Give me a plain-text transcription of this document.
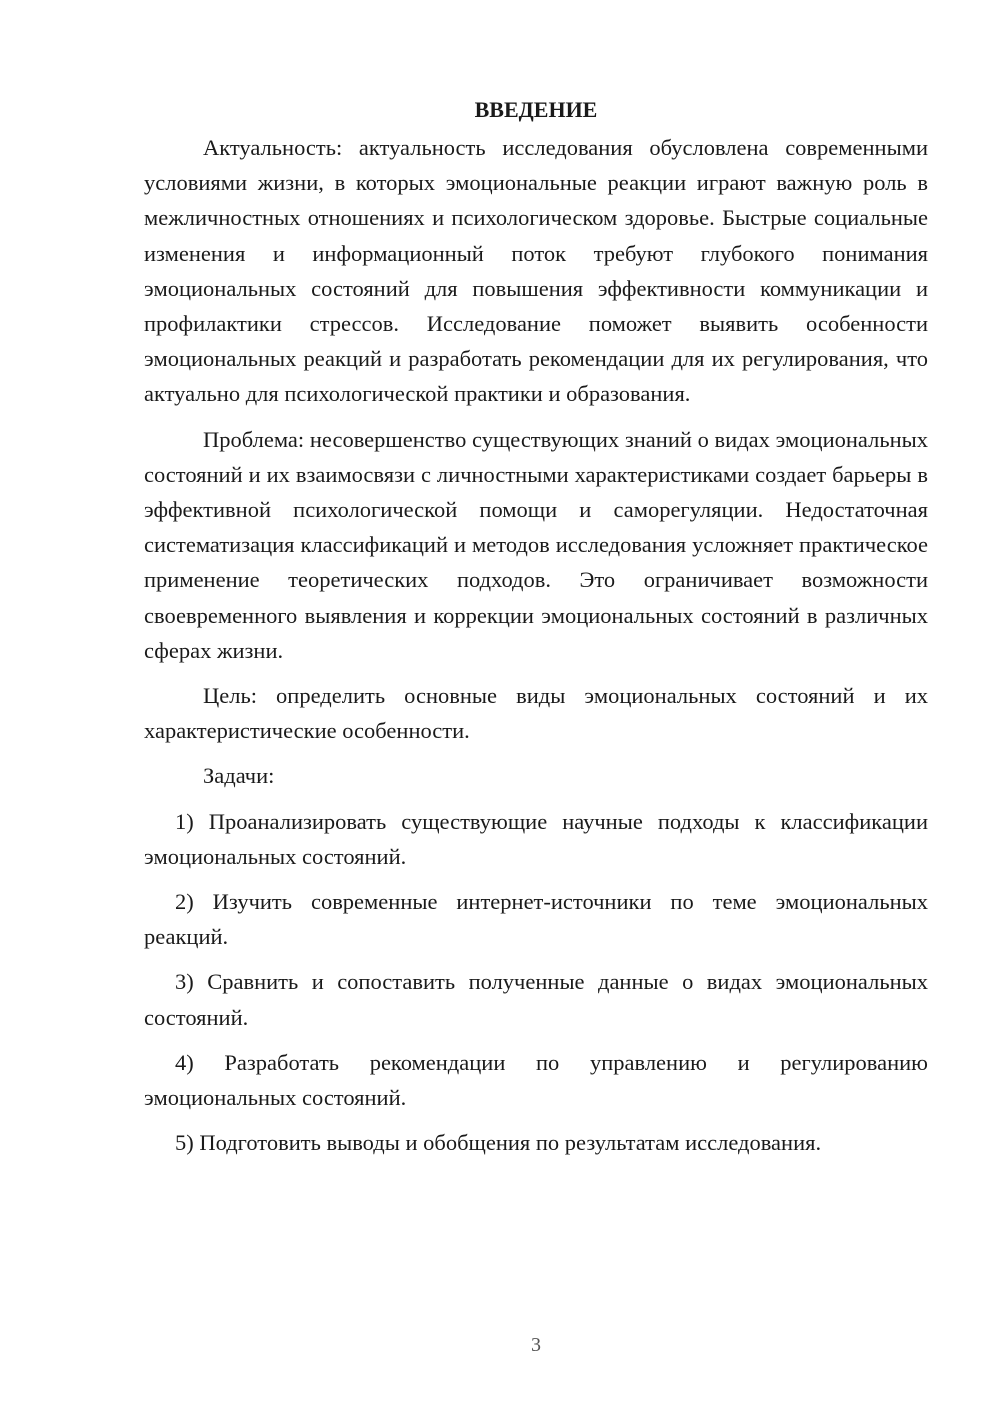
ВВЕДЕНИЕ

Актуальность: актуальность исследования обусловлена современными условиями жизни, в которых эмоциональные реакции играют важную роль в межличностных отношениях и психологическом здоровье. Быстрые социальные изменения и информационный поток требуют глубокого понимания эмоциональных состояний для повышения эффективности коммуникации и профилактики стрессов. Исследование поможет выявить особенности эмоциональных реакций и разработать рекомендации для их регулирования, что актуально для психологической практики и образования.

Проблема: несовершенство существующих знаний о видах эмоциональных состояний и их взаимосвязи с личностными характеристиками создает барьеры в эффективной психологической помощи и саморегуляции. Недостаточная систематизация классификаций и методов исследования усложняет практическое применение теоретических подходов. Это ограничивает возможности своевременного выявления и коррекции эмоциональных состояний в различных сферах жизни.

Цель: определить основные виды эмоциональных состояний и их характеристические особенности.

Задачи:

1) Проанализировать существующие научные подходы к классификации эмоциональных состояний.

2) Изучить современные интернет-источники по теме эмоциональных реакций.

3) Сравнить и сопоставить полученные данные о видах эмоциональных состояний.

4) Разработать рекомендации по управлению и регулированию эмоциональных состояний.

5) Подготовить выводы и обобщения по результатам исследования.

3
